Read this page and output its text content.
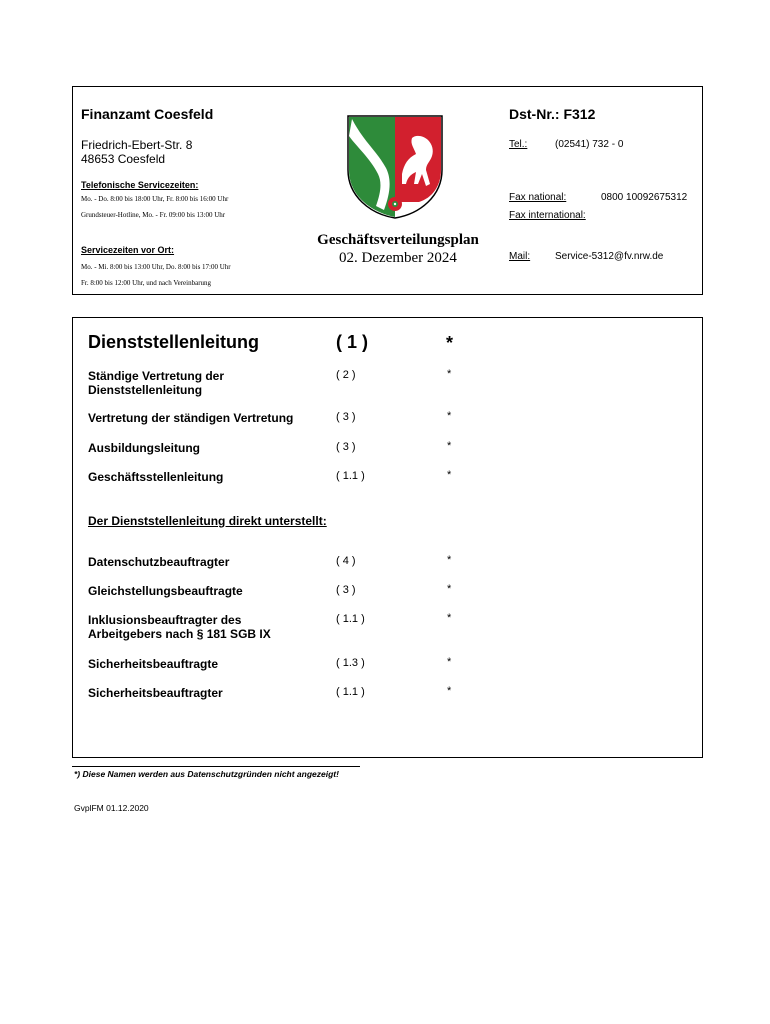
Finanzamt Coesfeld	Dst-Nr.: F312
Friedrich-Ebert-Str. 8
48653 Coesfeld
Telefonische Servicezeiten:
Mo. - Do. 8:00 bis 18:00 Uhr, Fr. 8:00 bis 16:00 Uhr
Grundsteuer-Hotline, Mo. - Fr. 09:00 bis 13:00 Uhr
Servicezeiten vor Ort:
Mo. - Mi. 8:00 bis 13:00 Uhr, Do. 8:00 bis 17:00 Uhr
Fr. 8:00 bis 12:00 Uhr, und nach Vereinbarung
Geschäftsverteilungsplan
02. Dezember 2024
Tel.:	(02541) 732 - 0
Fax national:	0800 10092675312
Fax international:
Mail: Service-5312@fv.nrw.de
Dienststellenleitung	( 1 )	*
Ständige Vertretung der
Dienststellenleitung
( 2 )	*
Vertretung der ständigen Vertretung	( 3 )	*
Ausbildungsleitung	( 3 )	*
Geschäftsstellenleitung	( 1.1 )	*
Der Dienststellenleitung direkt unterstellt:
Datenschutzbeauftragter	( 4 )	*
Gleichstellungsbeauftragte	( 3 )	*
Inklusionsbeauftragter des
Arbeitgebers nach § 181 SGB IX
( 1.1 )	*
Sicherheitsbeauftragte	( 1.3 )	*
Sicherheitsbeauftragter	( 1.1 )	*
*) Diese Namen werden aus Datenschutzgründen nicht angezeigt!
GvplFM 01.12.2020
